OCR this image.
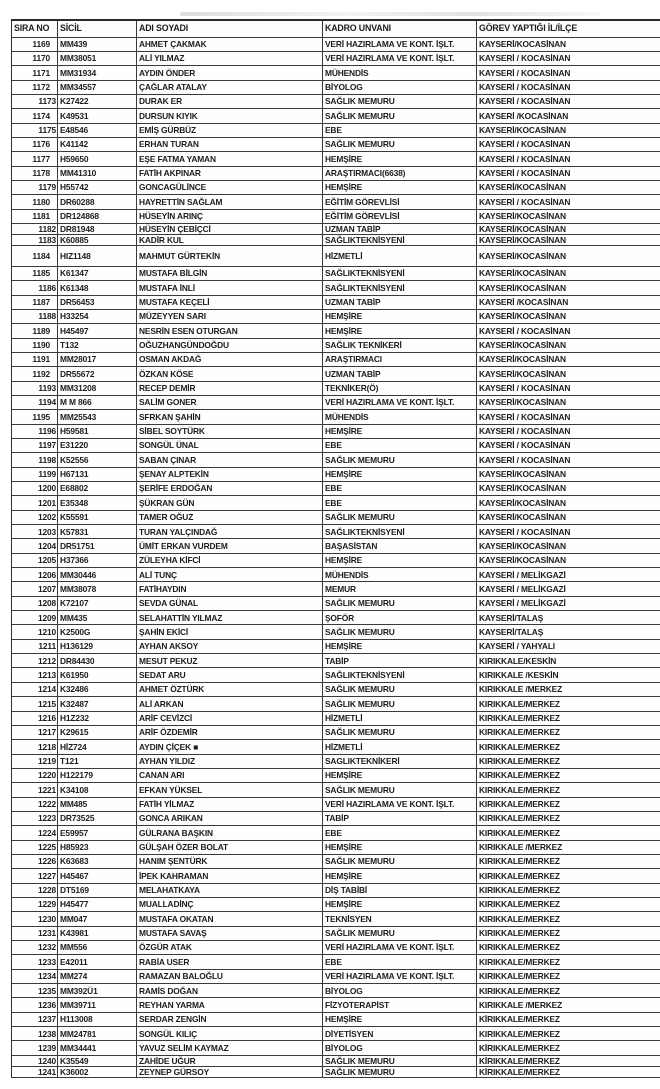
SIRA NO	SİCİL	ADI SOYADI	KADRO UNVANI	GÖREV YAPTIĞI İL/İLÇE
1169	MM439	AHMET ÇAKMAK	VERİ HAZIRLAMA VE KONT. İŞLT.	KAYSERİ/KOCASİNAN
1170	MM38051	ALİ YILMAZ	VERİ HAZIRLAMA VE KONT. İŞLT.	KAYSERİ / KOCASİNAN
1171	MM31934	AYDIN ÖNDER	MÜHENDİS	KAYSERİ / KOCASİNAN
1172	MM34557	ÇAĞLAR ATALAY	BİYOLOG	KAYSERİ / KOCASİNAN
1173 K27422	DURAK ER	SAĞLIK MEMURU	KAYSERİ / KOCASİNAN
1174	K49531	DURSUN KIYIK	SAĞLIK MEMURU	KAYSERİ /KOCASİNAN
1175 E48546	EMİŞ GÜRBÜZ	EBE	KAYSERİ/KOCASİNAN
1176	K41142	ERHAN TURAN	SAĞLIK MEMURU	KAYSERİ / KOCASİNAN
1177	H59650	EŞE FATMA YAMAN	HEMŞİRE	KAYSERİ / KOCASİNAN
1178	MM41310	FATİH AKPINAR	ARAŞTIRMACI(6638)	KAYSERİ / KOCASİNAN
1179 H55742	GONCAGÜLİNCE	HEMŞİRE	KAYSERİ/KOCASİNAN
1180	DR60288	HAYRETTİN SAĞLAM	EĞİTİM GÖREVLİSİ	KAYSERİ / KOCASİNAN
1181	DR124868	HÜSEYİN ARINÇ	EĞİTİM GÖREVLİSİ	KAYSERİ/KOCASİNAN
1182 DR81948	HÜSEYİN ÇEBİÇCİ	UZMAN TABİP	KAYSERİ/KOCASİNAN
1183 K60885	KADİR KUL	SAĞLIKTEKNİSYENİ	KAYSERİ/KOCASİNAN
1184	HIZ1148	MAHMUT GÜRTEKİN	HİZMETLİ	KAYSERİ/KOCASİNAN
1185	K61347	MUSTAFA BİLGİN	SAĞLIKTEKNİSYENİ	KAYSERİ/KOCASİNAN
1186 K61348	MUSTAFA İNLİ	SAĞLIKTEKNİSYENİ	KAYSERİ/KOCASİNAN
1187	DR56453	MUSTAFA KEÇELİ	UZMAN TABİP	KAYSERİ /KOCASİNAN
1188 H33254	MÜZEYYEN SARI	HEMŞİRE	KAYSERİ/KOCASİNAN
1189	H45497	NESRİN ESEN OTURGAN	HEMŞİRE	KAYSERİ / KOCASİNAN
1190	T132	OĞUZHANGÜNDOĞDU	SAĞLIK TEKNİKERİ	KAYSERİ/KOCASİNAN
1191	MM28017	OSMAN AKDAĞ	ARAŞTIRMACI	KAYSERİ/KOCASİNAN
1192	DR55672	ÖZKAN KÖSE	UZMAN TABİP	KAYSERİ/KOCASİNAN
1193 MM31208	RECEP DEMİR	TEKNİKER(Ö)	KAYSERİ / KOCASİNAN
1194 M M 866	SALİM GONER	VERİ HAZIRLAMA VE KONT. İŞLT.	KAYSERİ/KOCASİNAN
1195	MM25543	SFRKAN ŞAHİN	MÜHENDİS	KAYSERİ / KOCASİNAN
1196 H59581	SİBEL SOYTÜRK	HEMŞİRE	KAYSERİ / KOCASİNAN
1197 E31220	SONGÜL ÜNAL	EBE	KAYSERİ / KOCASİNAN
1198 K52556	SABAN ÇINAR	SAĞLIK MEMURU	KAYSERİ / KOCASİNAN
1199 H67131	ŞENAY ALPTEKİN	HEMŞİRE	KAYSERİ/KOCASİNAN
1200 E68802	ŞERİFE ERDOĞAN	EBE	KAYSERİ/KOCASİNAN
1201 E35348	ŞÜKRAN GÜN	EBE	KAYSERİ/KOCASİNAN
1202 K55591	TAMER OĞUZ	SAĞLIK MEMURU	KAYSERİ/KOCASİNAN
1203 K57831	TURAN YALÇINDAĞ	SAĞLIKTEKNİSYENİ	KAYSERİ / KOCASİNAN
1204 DR51751	ÜMİT ERKAN VURDEM	BAŞASİSTAN	KAYSERİ/KOCASİNAN
1205 H37366	ZÜLEYHA KİFCİ	HEMŞİRE	KAYSERİ/KOCASİNAN
1206 MM30446	ALİ TUNÇ	MÜHENDİS	KAYSERİ / MELİKGAZİ
1207 MM38078	FATİHAYDIN	MEMUR	KAYSERİ / MELİKGAZİ
1208 K72107	SEVDA GÜNAL	SAĞLIK MEMURU	KAYSERİ / MELİKGAZİ
1209 MM435	SELAHATTİN YILMAZ	ŞOFÖR	KAYSERİ/TALAŞ
1210 K2500G	ŞAHİN EKİCİ	SAĞLIK MEMURU	KAYSERİ/TALAŞ
1211 H136129	AYHAN AKSOY	HEMŞİRE	KAYSERİ / YAHYALI
1212 DR84430	MESUT PEKUZ	TABİP	KIRIKKALE/KESKİN
1213 K61950	SEDAT ARU	SAĞLIKTEKNİSYENİ	KIRIKKALE /KESKİN
1214 K32486	AHMET ÖZTÜRK	SAĞLIK MEMURU	KIRIKKALE /MERKEZ
1215 K32487	ALİ ARKAN	SAĞLIK MEMURU	KIRIKKALE/MERKEZ
1216 H1Z232	ARİF CEVİZCİ	HİZMETLİ	KIRIKKALE/MERKEZ
1217 K29615	ARİF ÖZDEMİR	SAĞLIK MEMURU	KIRIKKALE/MERKEZ
1218 HİZ724	AYDIN ÇİÇEK ■	HİZMETLİ	KIRIKKALE/MERKEZ
1219 T121	AYHAN YILDIZ	SAGLIKTEKNİKERİ	KIRIKKALE/MERKEZ
1220 H122179	CANAN ARI	HEMŞİRE	KIRIKKALE/MERKEZ
1221 K34108	EFKAN YÜKSEL	SAĞLIK MEMURU	KIRIKKALE/MERKEZ
1222 MM485	FATİH YİLMAZ	VERİ HAZIRLAMA VE KONT. İŞLT.	KIRIKKALE/MERKEZ
1223 DR73525	GONCA ARIKAN	TABİP	KIRIKKALE/MERKEZ
1224 E59957	GÜLRANA BAŞKIN	EBE	KIRIKKALE/MERKEZ
1225 H85923	GÜLŞAH ÖZER BOLAT	HEMŞİRE	KIRIKKALE /MERKEZ
1226 K63683	HANIM ŞENTÜRK	SAĞLIK MEMURU	KIRIKKALE/MERKEZ
1227 H45467	İPEK KAHRAMAN	HEMŞİRE	KIRIKKALE/MERKEZ
1228 DT5169	MELAHATKAYA	DİŞ TABİBİ	KIRIKKALE/MERKEZ
1229 H45477	MUALLADİNÇ	HEMŞİRE	KIRIKKALE/MERKEZ
1230 MM047	MUSTAFA OKATAN	TEKNİSYEN	KIRIKKALE/MERKEZ
1231 K43981	MUSTAFA SAVAŞ	SAĞLIK MEMURU	KIRIKKALE/MERKEZ
1232 MM556	ÖZGÜR ATAK	VERİ HAZIRLAMA VE KONT. İŞLT.	KIRIKKALE/MERKEZ
1233 E42011	RABİA USER	EBE	KIRIKKALE/MERKEZ
1234 MM274	RAMAZAN BALOĞLU	VERİ HAZIRLAMA VE KONT. İŞLT.	KIRIKKALE/MERKEZ
1235 MM392Ü1	RAMİS DOĞAN	BİYOLOG	KIRIKKALE/MERKEZ
1236 MM39711	REYHAN YARMA	FİZYOTERAPİST	KIRIKKALE /MERKEZ
1237 H113008	SERDAR ZENGİN	HEMŞİRE	KİRIKKALE/MERKEZ
1238 MM24781	SONGÜL KILIÇ	DİYETİSYEN	KIRIKKALE/MERKEZ
1239 MM34441	YAVUZ SELİM KAYMAZ	BİYOLOG	KİRIKKALE/MERKEZ
1240 K35549	ZAHİDE UĞUR	SAĞLIK MEMURU	KİRIKKALE/MERKEZ
1241 K36002	ZEYNEP GÜRSOY	SAĞLIK MEMURU	KİRIKKALE/MERKEZ
